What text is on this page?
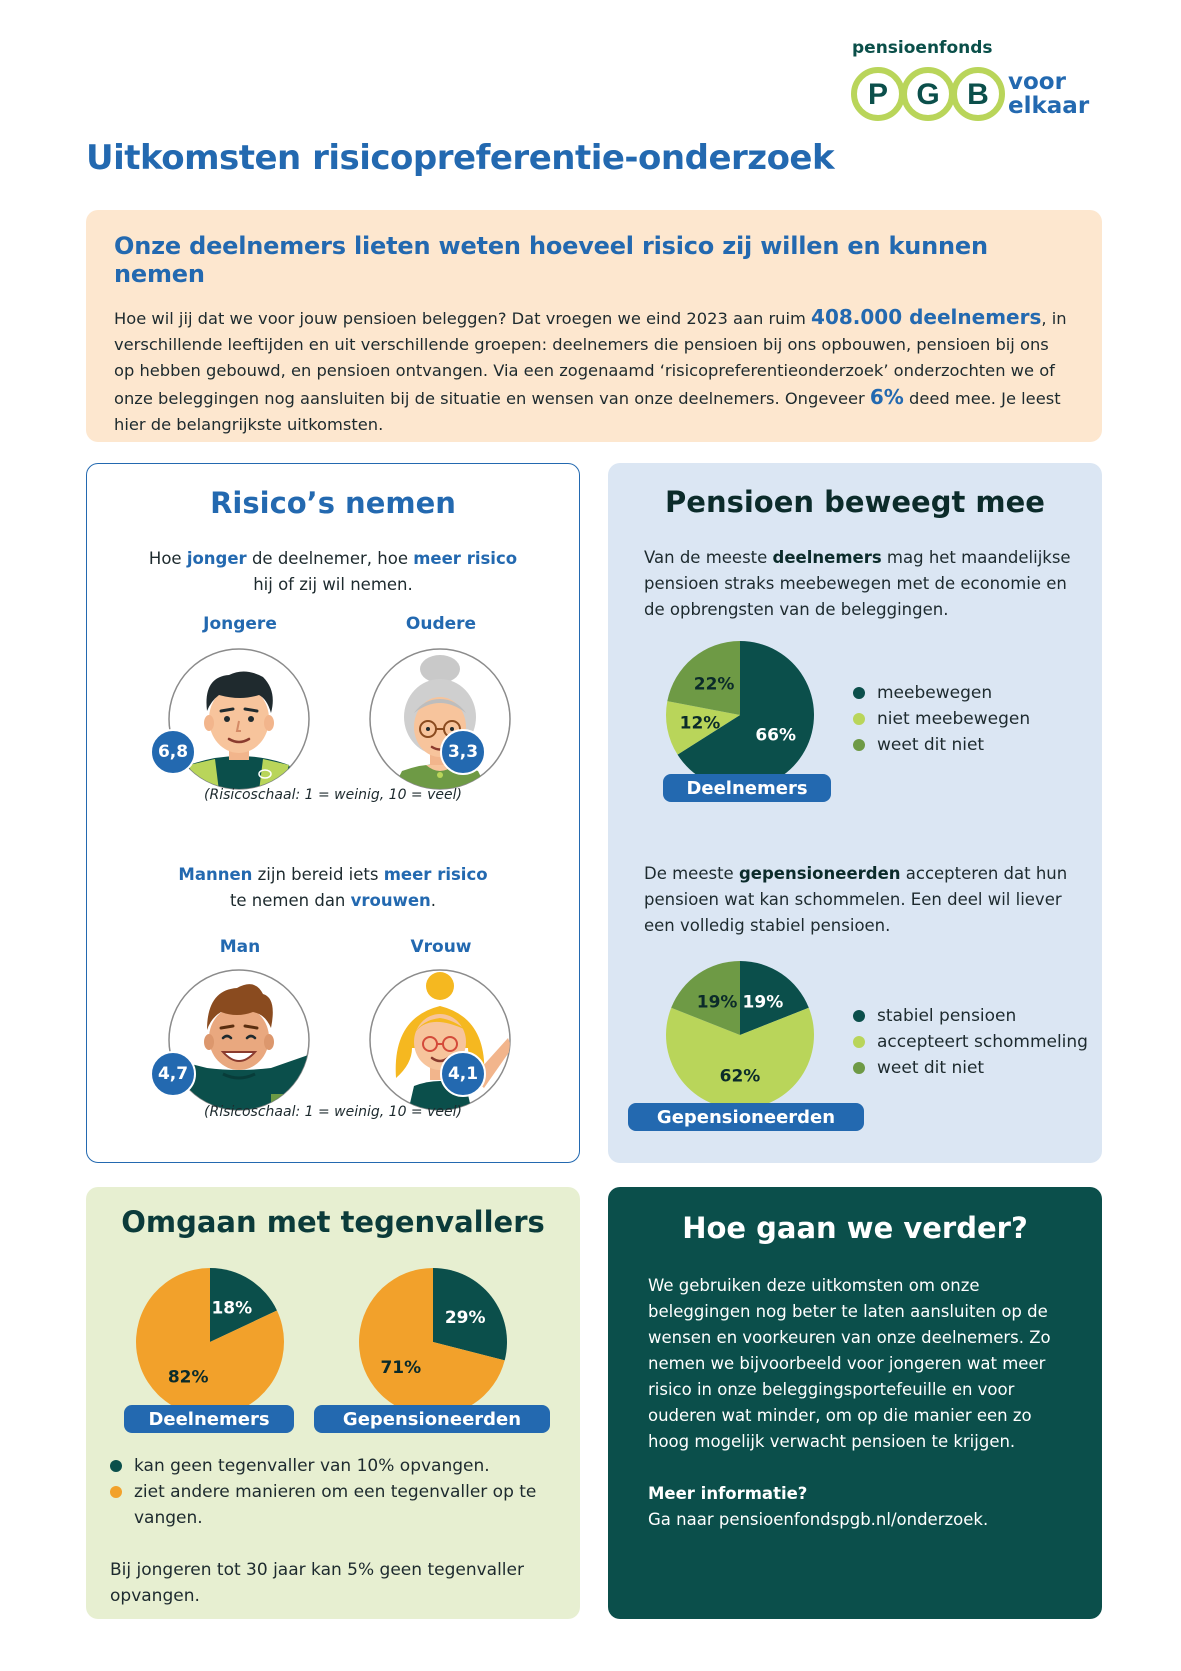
pensioenfonds
P G B voor
elkaar
Uitkomsten risicopreferentie-onderzoek
Onze deelnemers lieten weten hoeveel risico zij willen en kunnen nemen

Hoe wil jij dat we voor jouw pensioen beleggen? Dat vroegen we eind 2023 aan ruim 408.000 deelnemers, in verschillende leeftijden en uit verschillende groepen: deelnemers die pensioen bij ons opbouwen, pensioen bij ons op hebben gebouwd, en pensioen ontvangen. Via een zogenaamd ‘risicopreferentieonderzoek’ onderzochten we of onze beleggingen nog aansluiten bij de situatie en wensen van onze deelnemers. Ongeveer 6% deed mee. Je leest hier de belangrijkste uitkomsten.

Risico’s nemen
Hoe jonger de deelnemer, hoe meer risico
hij of zij wil nemen.
Jongere	Oudere
6,8	3,3
(Risicoschaal: 1 = weinig, 10 = veel)
Mannen zijn bereid iets meer risico
te nemen dan vrouwen.
Man	Vrouw
4,7	4,1
(Risicoschaal: 1 = weinig, 10 = veel)
Pensioen beweegt mee
Van de meeste deelnemers mag het maandelijkse pensioen straks meebewegen met de economie en de opbrengsten van de beleggingen.
66%
12%
22%
Deelnemers
meebewegen
niet meebewegen
weet dit niet
De meeste gepensioneerden accepteren dat hun pensioen wat kan schommelen. Een deel wil liever een volledig stabiel pensioen.
19%
62%
19%
Gepensioneerden
stabiel pensioen
accepteert schommeling
weet dit niet
Omgaan met tegenvallers
18%
82%
Deelnemers
29%
71%
Gepensioneerden
kan geen tegenvaller van 10% opvangen.
ziet andere manieren om een tegenvaller op te vangen.
Bij jongeren tot 30 jaar kan 5% geen tegenvaller opvangen.
Hoe gaan we verder?

We gebruiken deze uitkomsten om onze beleggingen nog beter te laten aansluiten op de wensen en voorkeuren van onze deelnemers. Zo nemen we bijvoorbeeld voor jongeren wat meer risico in onze beleggingsportefeuille en voor ouderen wat minder, om op die manier een zo hoog mogelijk verwacht pensioen te krijgen.

Meer informatie?

Ga naar pensioenfondspgb.nl/onderzoek.
